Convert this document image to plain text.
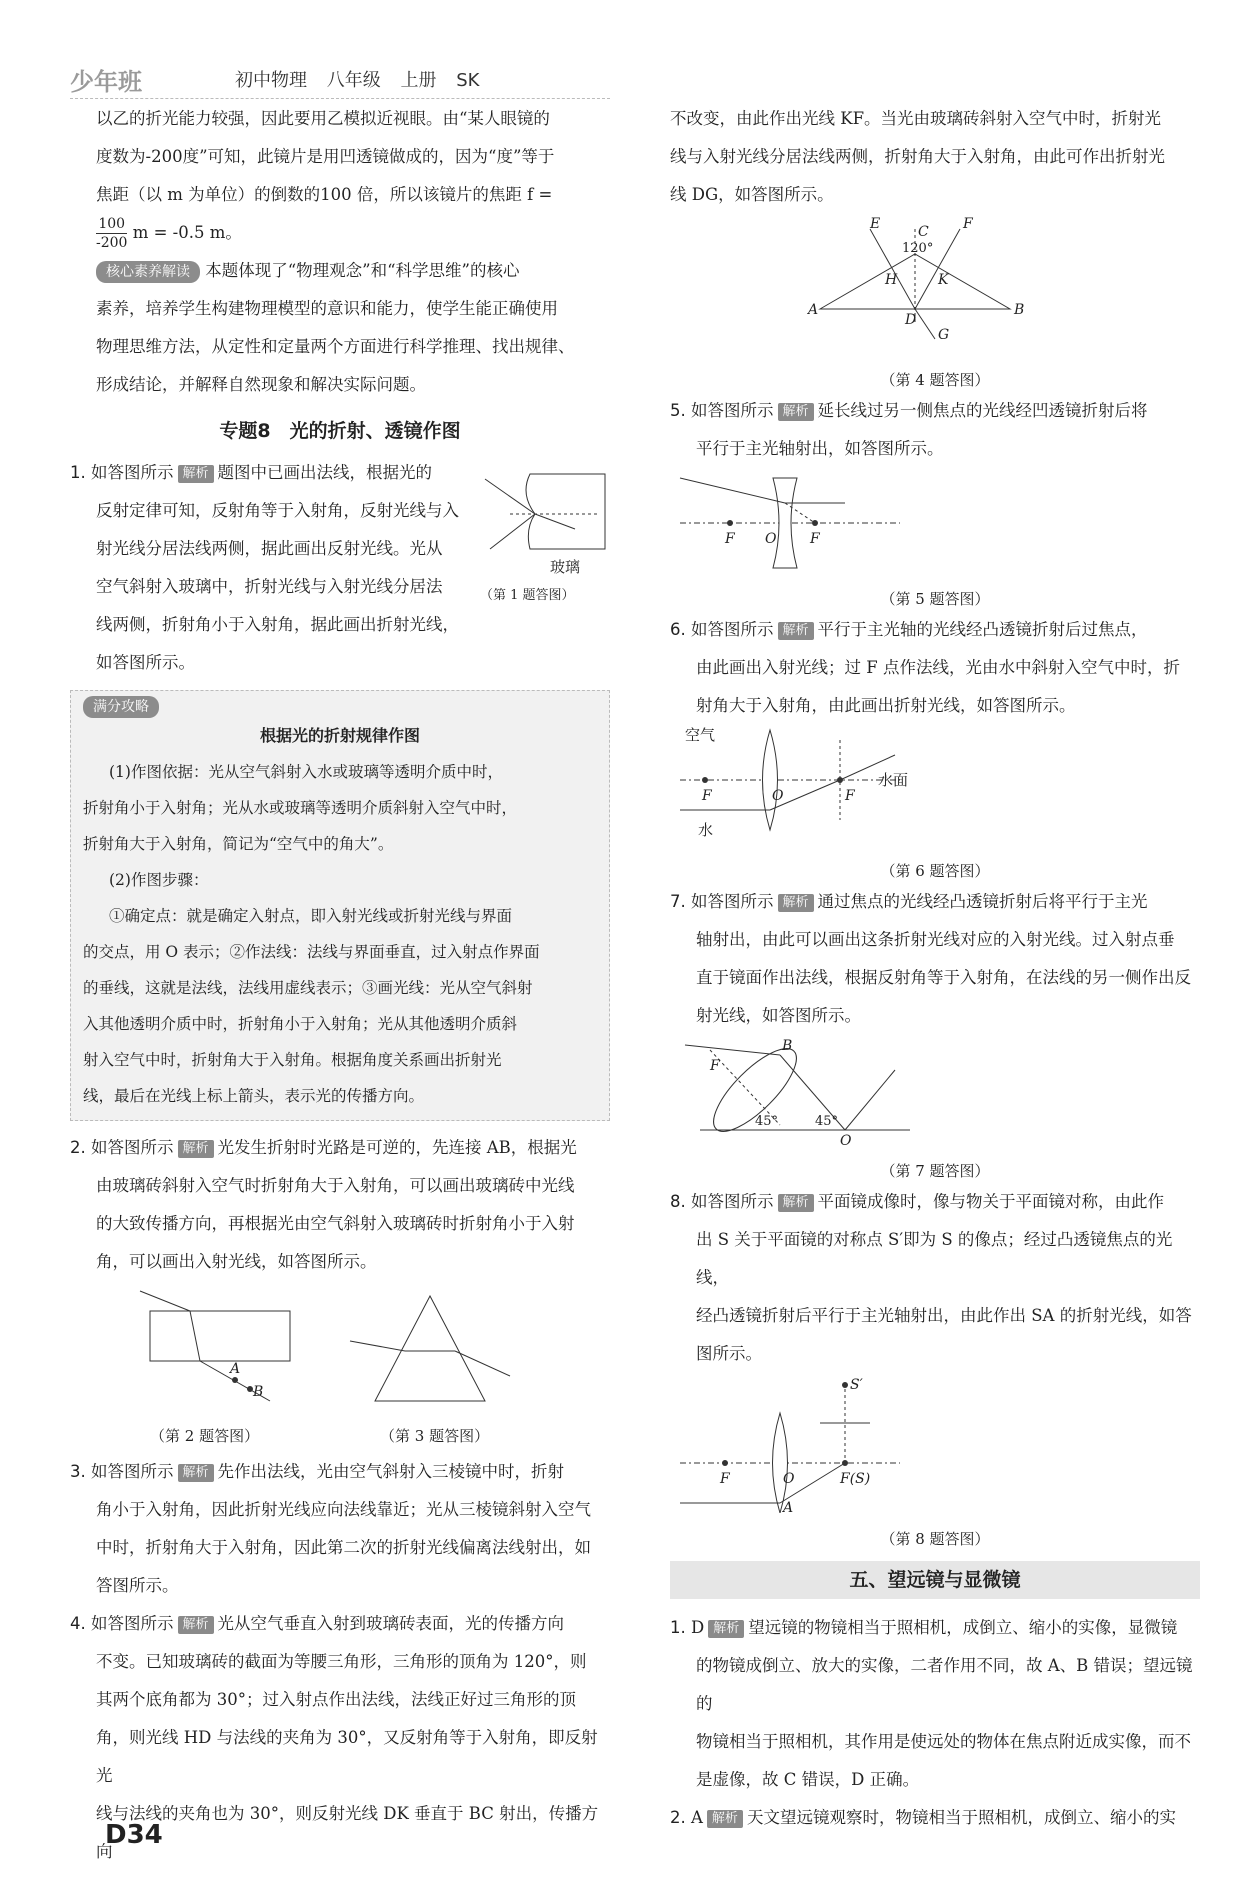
少年班	初中物理 八年级 上册 SK

以乙的折光能力较强，因此要用乙模拟近视眼。由“某人眼镜的

度数为-200度”可知，此镜片是用凹透镜做成的，因为“度”等于

焦距（以 m 为单位）的倒数的100 倍，所以该镜片的焦距 f =

$\frac{100}{-200}$ m = -0.5 m。

核心素养解读 本题体现了“物理观念”和“科学思维”的核心

素养，培养学生构建物理模型的意识和能力，使学生能正确使用

物理思维方法，从定性和定量两个方面进行科学推理、找出规律、

形成结论，并解释自然现象和解决实际问题。

专题8　光的折射、透镜作图
玻璃
（第 1 题答图）

1. 如答图所示 解析 题图中已画出法线，根据光的

反射定律可知，反射角等于入射角，反射光线与入

射光线分居法线两侧，据此画出反射光线。光从

空气斜射入玻璃中，折射光线与入射光线分居法

线两侧，折射角小于入射角，据此画出折射光线，

如答图所示。

满分攻略
根据光的折射规律作图

(1)作图依据：光从空气斜射入水或玻璃等透明介质中时，

折射角小于入射角；光从水或玻璃等透明介质斜射入空气中时，

折射角大于入射角，简记为“空气中的角大”。

(2)作图步骤：

①确定点：就是确定入射点，即入射光线或折射光线与界面

的交点，用 O 表示；②作法线：法线与界面垂直，过入射点作界面

的垂线，这就是法线，法线用虚线表示；③画光线：光从空气斜射

入其他透明介质中时，折射角小于入射角；光从其他透明介质斜

射入空气中时，折射角大于入射角。根据角度关系画出折射光

线，最后在光线上标上箭头，表示光的传播方向。

2. 如答图所示 解析 光发生折射时光路是可逆的，先连接 AB，根据光

由玻璃砖斜射入空气时折射角大于入射角，可以画出玻璃砖中光线

的大致传播方向，再根据光由空气斜射入玻璃砖时折射角小于入射

角，可以画出入射光线，如答图所示。

A
B
（第 2 题答图）	（第 3 题答图）

3. 如答图所示 解析 先作出法线，光由空气斜射入三棱镜中时，折射

角小于入射角，因此折射光线应向法线靠近；光从三棱镜斜射入空气

中时，折射角大于入射角，因此第二次的折射光线偏离法线射出，如

答图所示。

4. 如答图所示 解析 光从空气垂直入射到玻璃砖表面，光的传播方向

不变。已知玻璃砖的截面为等腰三角形，三角形的顶角为 120°，则

其两个底角都为 30°；过入射点作出法线，法线正好过三角形的顶

角，则光线 HD 与法线的夹角为 30°，又反射角等于入射角，即反射光

线与法线的夹角也为 30°，则反射光线 DK 垂直于 BC 射出，传播方向

不改变，由此作出光线 KF。当光由玻璃砖斜射入空气中时，折射光

线与入射光线分居法线两侧，折射角大于入射角，由此可作出折射光

线 DG，如答图所示。

E	F
C
120°
H	K
A	B
D
G
（第 4 题答图）

5. 如答图所示 解析 延长线过另一侧焦点的光线经凹透镜折射后将

平行于主光轴射出，如答图所示。

F O F
（第 5 题答图）

6. 如答图所示 解析 平行于主光轴的光线经凸透镜折射后过焦点，

由此画出入射光线；过 F 点作法线，光由水中斜射入空气中时，折

射角大于入射角，由此画出折射光线，如答图所示。

空气
水
水面
F	O	F
（第 6 题答图）

7. 如答图所示 解析 通过焦点的光线经凸透镜折射后将平行于主光

轴射出，由此可以画出这条折射光线对应的入射光线。过入射点垂

直于镜面作出法线，根据反射角等于入射角，在法线的另一侧作出反

射光线，如答图所示。

F
B
45°	45°
O
（第 7 题答图）

8. 如答图所示 解析 平面镜成像时，像与物关于平面镜对称，由此作

出 S 关于平面镜的对称点 S′即为 S 的像点；经过凸透镜焦点的光线，

经凸透镜折射后平行于主光轴射出，由此作出 SA 的折射光线，如答

图所示。

S′
F	O	F(S)
A
（第 8 题答图）
五、望远镜与显微镜

1. D 解析 望远镜的物镜相当于照相机，成倒立、缩小的实像，显微镜

的物镜成倒立、放大的实像，二者作用不同，故 A、B 错误；望远镜的

物镜相当于照相机，其作用是使远处的物体在焦点附近成实像，而不

是虚像，故 C 错误，D 正确。

2. A 解析 天文望远镜观察时，物镜相当于照相机，成倒立、缩小的实

D34
